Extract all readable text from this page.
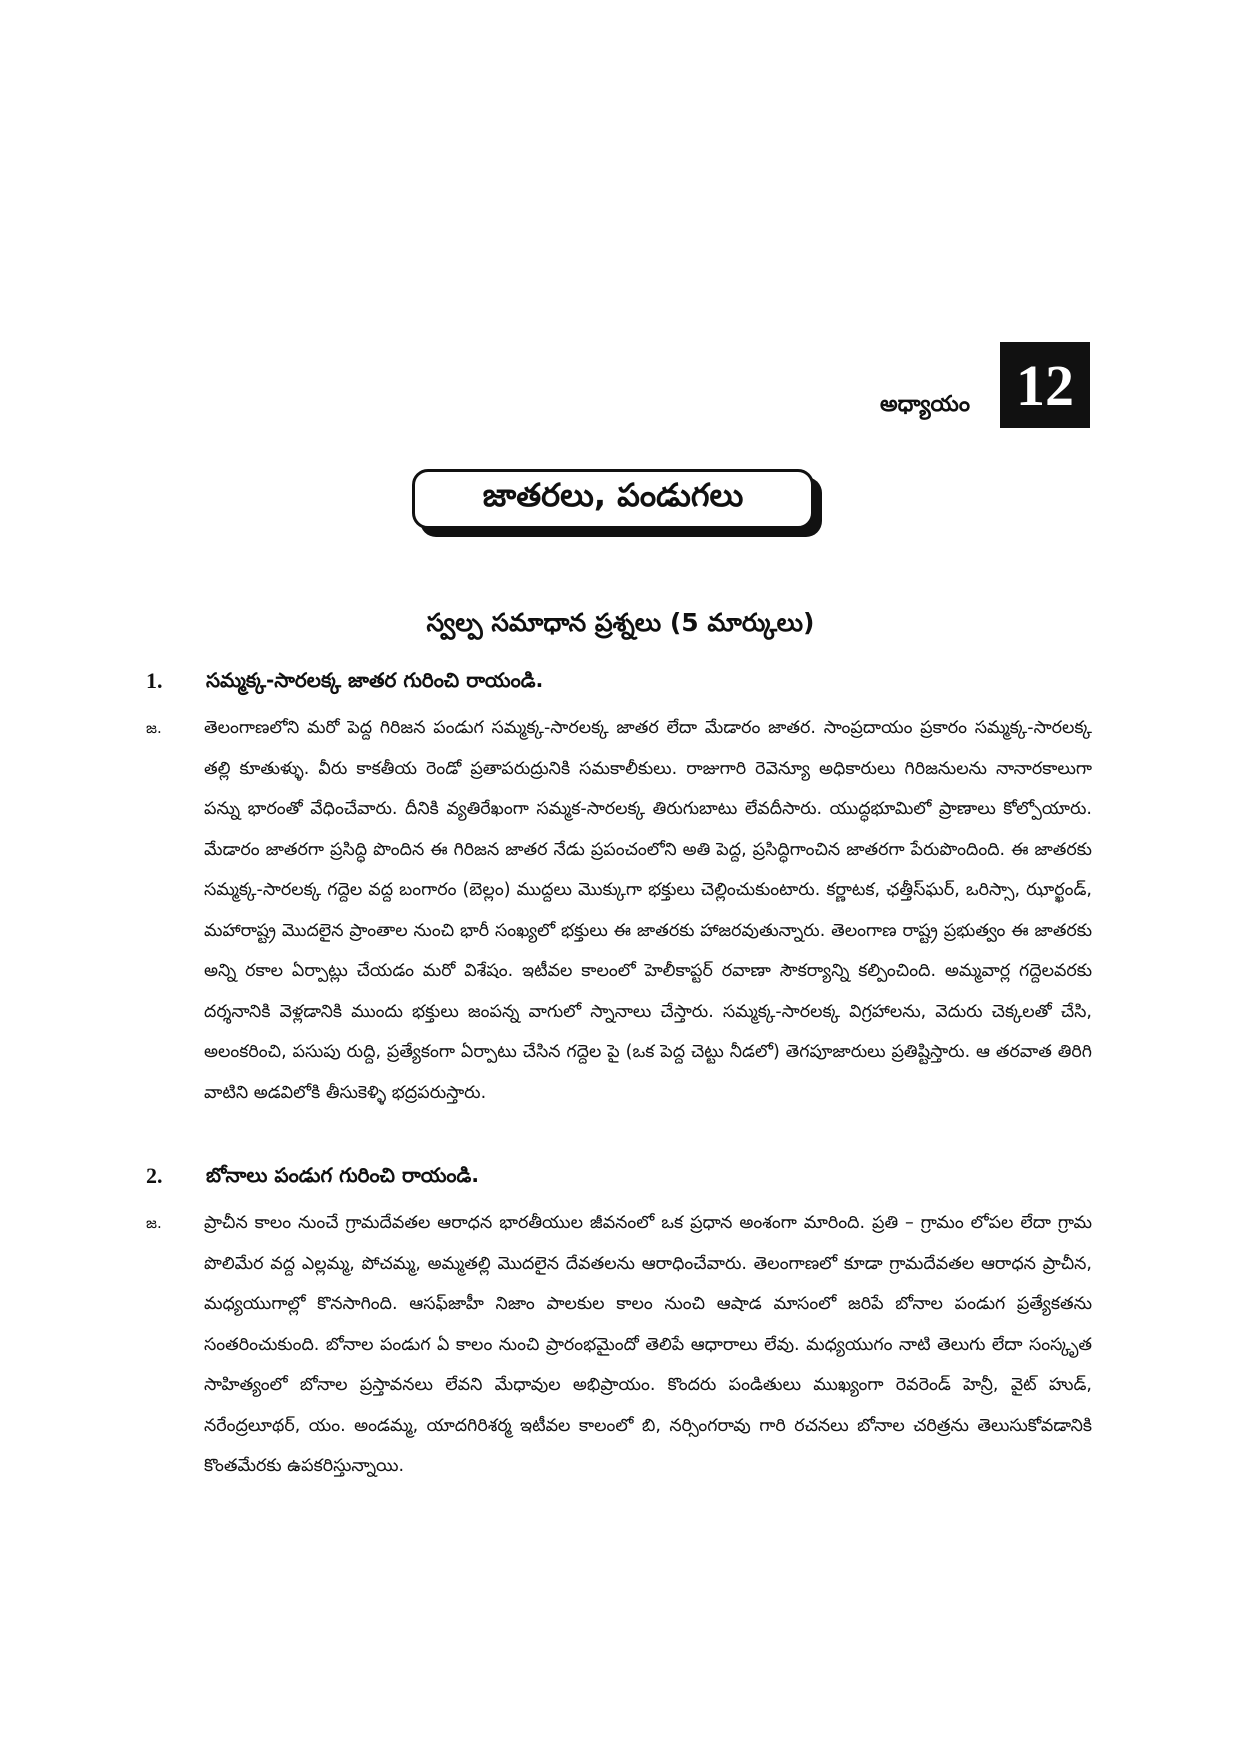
అధ్యాయం 12
జాతరలు, పండుగలు
స్వల్ప సమాధాన ప్రశ్నలు (5 మార్కులు)
1.	సమ్మక్క-సారలక్క జాతర గురించి రాయండి.
జ.	తెలంగాణలోని మరో పెద్ద గిరిజన పండుగ సమ్మక్క-సారలక్క జాతర లేదా మేడారం జాతర. సాంప్రదాయం ప్రకారం సమ్మక్క-సారలక్క తల్లి కూతుళ్ళు. వీరు కాకతీయ రెండో ప్రతాపరుద్రునికి సమకాలీకులు. రాజుగారి రెవెన్యూ అధికారులు గిరిజనులను నానారకాలుగా పన్ను భారంతో వేధించేవారు. దీనికి వ్యతిరేఖంగా సమ్మక-సారలక్క తిరుగుబాటు లేవదీసారు. యుద్ధభూమిలో ప్రాణాలు కోల్పోయారు. మేడారం జాతరగా ప్రసిద్ధి పొందిన ఈ గిరిజన జాతర నేడు ప్రపంచంలోని అతి పెద్ద, ప్రసిద్ధిగాంచిన జాతరగా పేరుపొందింది. ఈ జాతరకు సమ్మక్క-సారలక్క గద్దెల వద్ద బంగారం (బెల్లం) ముద్దలు మొక్కుగా భక్తులు చెల్లించుకుంటారు. కర్ణాటక, ఛత్తీస్‌ఘర్, ఒరిస్సా, ఝార్ఖండ్, మహారాష్ట్ర మొదలైన ప్రాంతాల నుంచి భారీ సంఖ్యలో భక్తులు ఈ జాతరకు హాజరవుతున్నారు. తెలంగాణ రాష్ట్ర ప్రభుత్వం ఈ జాతరకు అన్ని రకాల ఏర్పాట్లు చేయడం మరో విశేషం. ఇటీవల కాలంలో హెలీకాప్టర్ రవాణా సౌకర్యాన్ని కల్పించింది. అమ్మవార్ల గద్దెలవరకు దర్శనానికి వెళ్లడానికి ముందు భక్తులు జంపన్న వాగులో స్నానాలు చేస్తారు. సమ్మక్క-సారలక్క విగ్రహాలను, వెదురు చెక్కలతో చేసి, అలంకరించి, పసుపు రుద్ది, ప్రత్యేకంగా ఏర్పాటు చేసిన గద్దెల పై (ఒక పెద్ద చెట్టు నీడలో) తెగపూజారులు ప్రతిష్టిస్తారు. ఆ తరవాత తిరిగి వాటిని అడవిలోకి తీసుకెళ్ళి భద్రపరుస్తారు.
2.	బోనాలు పండుగ గురించి రాయండి.
జ.	ప్రాచీన కాలం నుంచే గ్రామదేవతల ఆరాధన భారతీయుల జీవనంలో ఒక ప్రధాన అంశంగా మారింది. ప్రతి – గ్రామం లోపల లేదా గ్రామ పొలిమేర వద్ద ఎల్లమ్మ, పోచమ్మ, అమ్మతల్లి మొదలైన దేవతలను ఆరాధించేవారు. తెలంగాణలో కూడా గ్రామదేవతల ఆరాధన ప్రాచీన, మధ్యయుగాల్లో కొనసాగింది. ఆసఫ్‌జాహీ నిజాం పాలకుల కాలం నుంచి ఆషాడ మాసంలో జరిపే బోనాల పండుగ ప్రత్యేకతను సంతరించుకుంది. బోనాల పండుగ ఏ కాలం నుంచి ప్రారంభమైందో తెలిపే ఆధారాలు లేవు. మధ్యయుగం నాటి తెలుగు లేదా సంస్కృత సాహిత్యంలో బోనాల ప్రస్తావనలు లేవని మేధావుల అభిప్రాయం. కొందరు పండితులు ముఖ్యంగా రెవరెండ్ హెన్రీ, వైట్ హుడ్, నరేంద్రలూథర్, యం. అండమ్మ, యాదగిరిశర్మ ఇటీవల కాలంలో బి, నర్సింగరావు గారి రచనలు బోనాల చరిత్రను తెలుసుకోవడానికి కొంతమేరకు ఉపకరిస్తున్నాయి.
